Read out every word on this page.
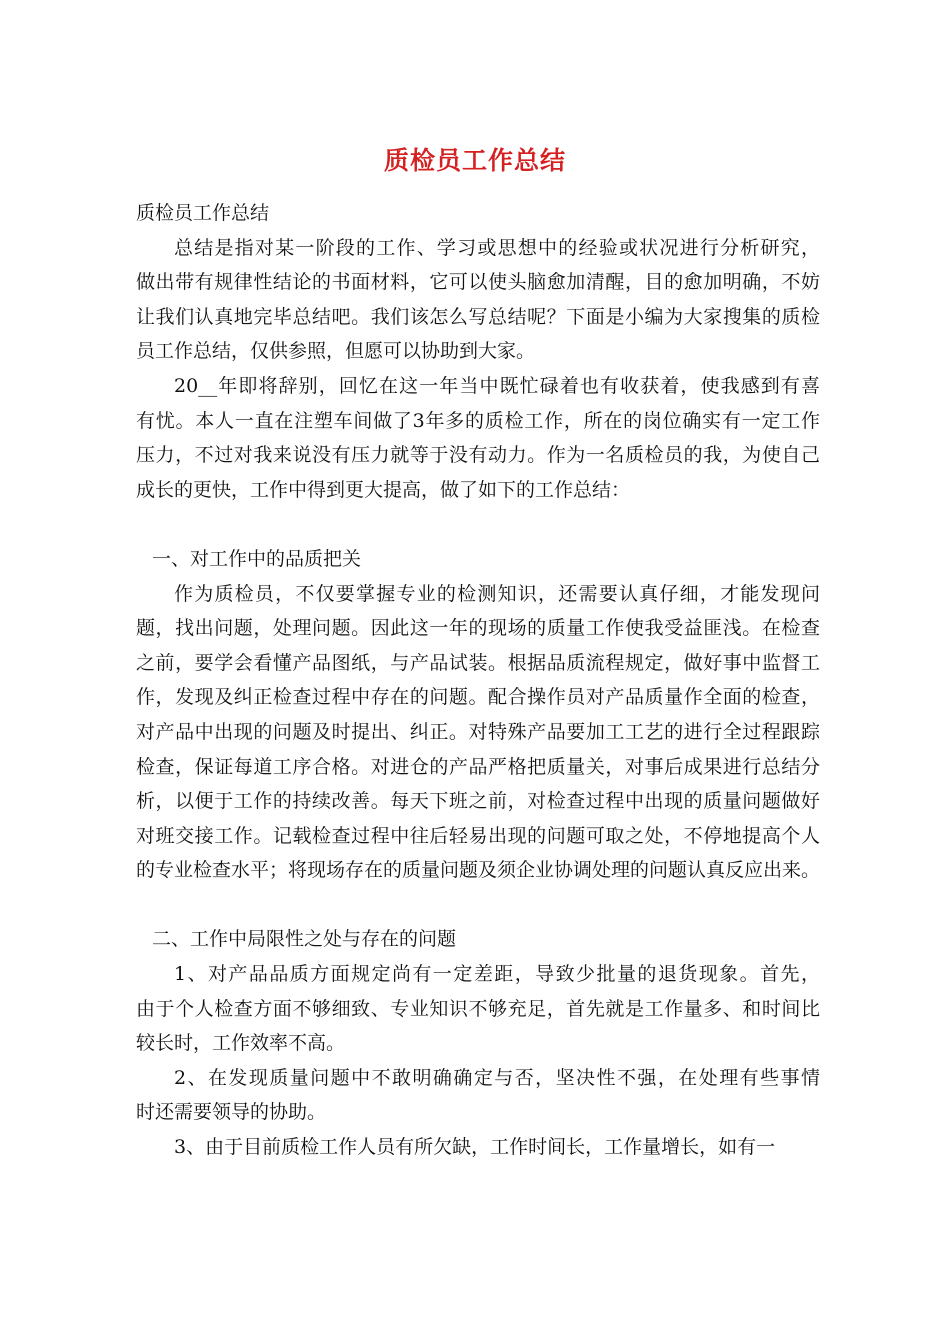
质检员工作总结
质检员工作总结
总结是指对某一阶段的工作、学习或思想中的经验或状况进行分析研究，
做出带有规律性结论的书面材料，它可以使头脑愈加清醒，目的愈加明确，不妨
让我们认真地完毕总结吧。我们该怎么写总结呢？下面是小编为大家搜集的质检
员工作总结，仅供参照，但愿可以协助到大家。
20__年即将辞别，回忆在这一年当中既忙碌着也有收获着，使我感到有喜
有忧。本人一直在注塑车间做了3年多的质检工作，所在的岗位确实有一定工作
压力，不过对我来说没有压力就等于没有动力。作为一名质检员的我，为使自己
成长的更快，工作中得到更大提高，做了如下的工作总结：
一、对工作中的品质把关
作为质检员，不仅要掌握专业的检测知识，还需要认真仔细，才能发现问
题，找出问题，处理问题。因此这一年的现场的质量工作使我受益匪浅。在检查
之前，要学会看懂产品图纸，与产品试装。根据品质流程规定，做好事中监督工
作，发现及纠正检查过程中存在的问题。配合操作员对产品质量作全面的检查，
对产品中出现的问题及时提出、纠正。对特殊产品要加工工艺的进行全过程跟踪
检查，保证每道工序合格。对进仓的产品严格把质量关，对事后成果进行总结分
析，以便于工作的持续改善。每天下班之前，对检查过程中出现的质量问题做好
对班交接工作。记载检查过程中往后轻易出现的问题可取之处，不停地提高个人
的专业检查水平；将现场存在的质量问题及须企业协调处理的问题认真反应出来。
二、工作中局限性之处与存在的问题
1、对产品品质方面规定尚有一定差距，导致少批量的退货现象。首先，
由于个人检查方面不够细致、专业知识不够充足，首先就是工作量多、和时间比
较长时，工作效率不高。
2、在发现质量问题中不敢明确确定与否，坚决性不强，在处理有些事情
时还需要领导的协助。
3、由于目前质检工作人员有所欠缺，工作时间长，工作量增长，如有一
